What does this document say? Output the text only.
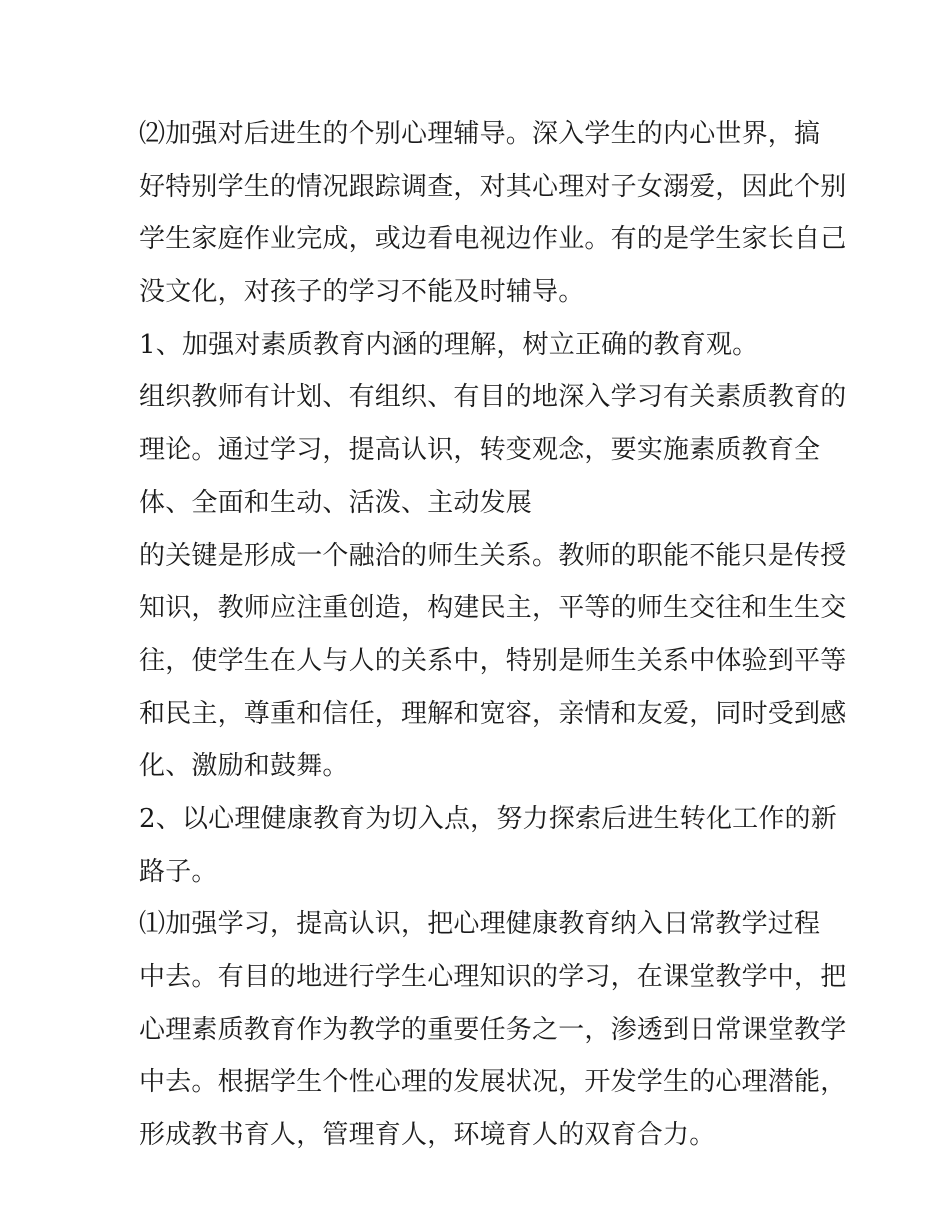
⑵加强对后进生的个别心理辅导。深入学生的内心世界，搞
好特别学生的情况跟踪调查，对其心理对子女溺爱，因此个别
学生家庭作业完成，或边看电视边作业。有的是学生家长自己
没文化，对孩子的学习不能及时辅导。
1、加强对素质教育内涵的理解，树立正确的教育观。
组织教师有计划、有组织、有目的地深入学习有关素质教育的
理论。通过学习，提高认识，转变观念，要实施素质教育全
体、全面和生动、活泼、主动发展
的关键是形成一个融洽的师生关系。教师的职能不能只是传授
知识，教师应注重创造，构建民主，平等的师生交往和生生交
往，使学生在人与人的关系中，特别是师生关系中体验到平等
和民主，尊重和信任，理解和宽容，亲情和友爱，同时受到感
化、激励和鼓舞。
2、以心理健康教育为切入点，努力探索后进生转化工作的新
路子。
⑴加强学习，提高认识，把心理健康教育纳入日常教学过程
中去。有目的地进行学生心理知识的学习，在课堂教学中，把
心理素质教育作为教学的重要任务之一，渗透到日常课堂教学
中去。根据学生个性心理的发展状况，开发学生的心理潜能，
形成教书育人，管理育人，环境育人的双育合力。
